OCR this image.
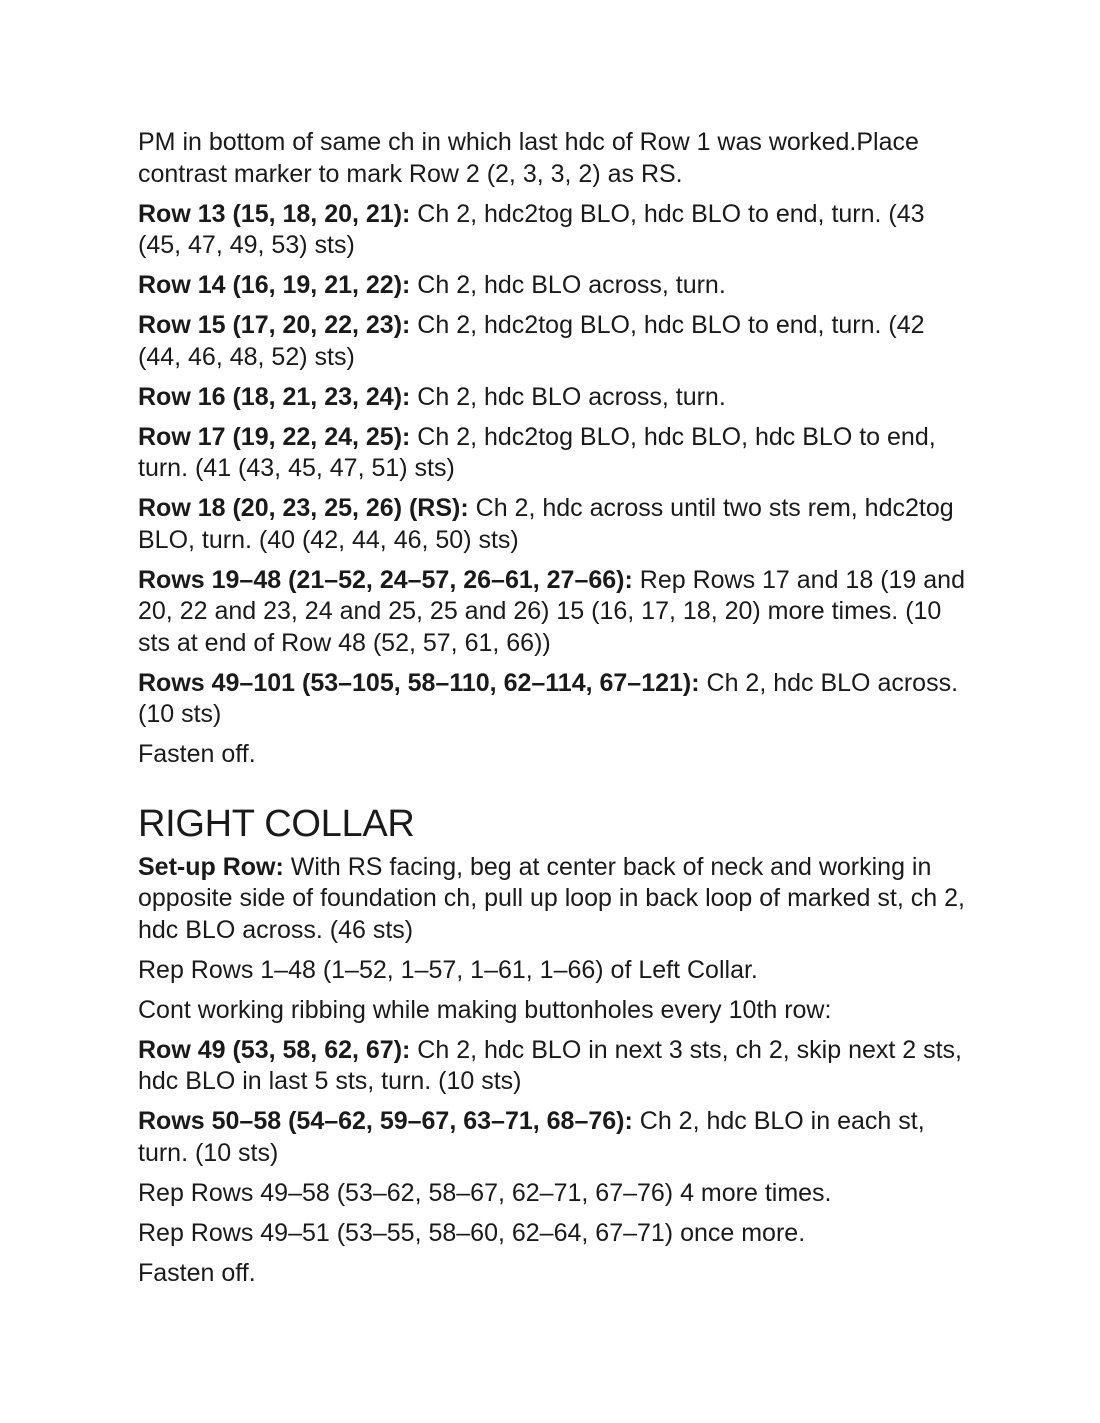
PM in bottom of same ch in which last hdc of Row 1 was worked.Place contrast marker to mark Row 2 (2, 3, 3, 2) as RS.

Row 13 (15, 18, 20, 21): Ch 2, hdc2tog BLO, hdc BLO to end, turn. (43 (45, 47, 49, 53) sts)

Row 14 (16, 19, 21, 22): Ch 2, hdc BLO across, turn.

Row 15 (17, 20, 22, 23): Ch 2, hdc2tog BLO, hdc BLO to end, turn. (42 (44, 46, 48, 52) sts)

Row 16 (18, 21, 23, 24): Ch 2, hdc BLO across, turn.

Row 17 (19, 22, 24, 25): Ch 2, hdc2tog BLO, hdc BLO, hdc BLO to end, turn. (41 (43, 45, 47, 51) sts)

Row 18 (20, 23, 25, 26) (RS): Ch 2, hdc across until two sts rem, hdc2tog BLO, turn. (40 (42, 44, 46, 50) sts)

Rows 19–48 (21–52, 24–57, 26–61, 27–66): Rep Rows 17 and 18 (19 and 20, 22 and 23, 24 and 25, 25 and 26) 15 (16, 17, 18, 20) more times. (10 sts at end of Row 48 (52, 57, 61, 66))

Rows 49–101 (53–105, 58–110, 62–114, 67–121): Ch 2, hdc BLO across. (10 sts)

Fasten off.

RIGHT COLLAR

Set-up Row: With RS facing, beg at center back of neck and working in opposite side of foundation ch, pull up loop in back loop of marked st, ch 2, hdc BLO across. (46 sts)

Rep Rows 1–48 (1–52, 1–57, 1–61, 1–66) of Left Collar.

Cont working ribbing while making buttonholes every 10th row:

Row 49 (53, 58, 62, 67): Ch 2, hdc BLO in next 3 sts, ch 2, skip next 2 sts, hdc BLO in last 5 sts, turn. (10 sts)

Rows 50–58 (54–62, 59–67, 63–71, 68–76): Ch 2, hdc BLO in each st, turn. (10 sts)

Rep Rows 49–58 (53–62, 58–67, 62–71, 67–76) 4 more times.

Rep Rows 49–51 (53–55, 58–60, 62–64, 67–71) once more.

Fasten off.
